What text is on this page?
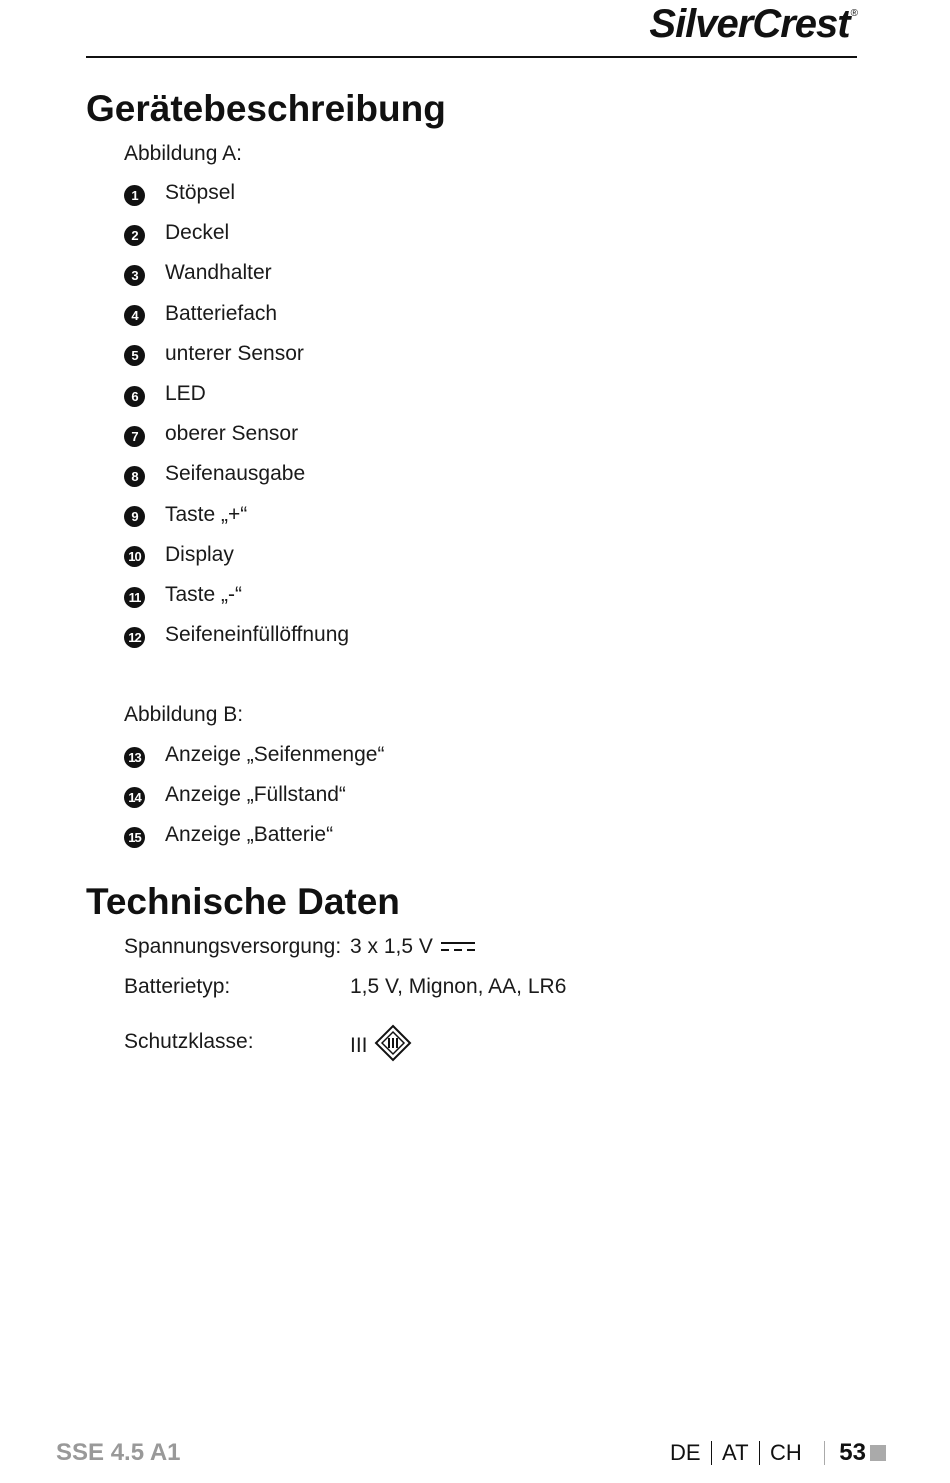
SilverCrest®
Gerätebeschreibung
Abbildung A:
1	Stöpsel
2	Deckel
3	Wandhalter
4	Batteriefach
5	unterer Sensor
6	LED
7	oberer Sensor
8	Seifenausgabe
9	Taste „+“
10 Display
11 Taste „-“
12 Seifeneinfüllöffnung
Abbildung B:
13 Anzeige „Seifenmenge“
14 Anzeige „Füllstand“
15 Anzeige „Batterie“
Technische Daten
Spannungsversorgung: 3 x 1,5 V
Batterietyp:	1,5 V, Mignon, AA, LR6
Schutzklasse:	III
SSE 4.5 A1	DE AT CH 53
